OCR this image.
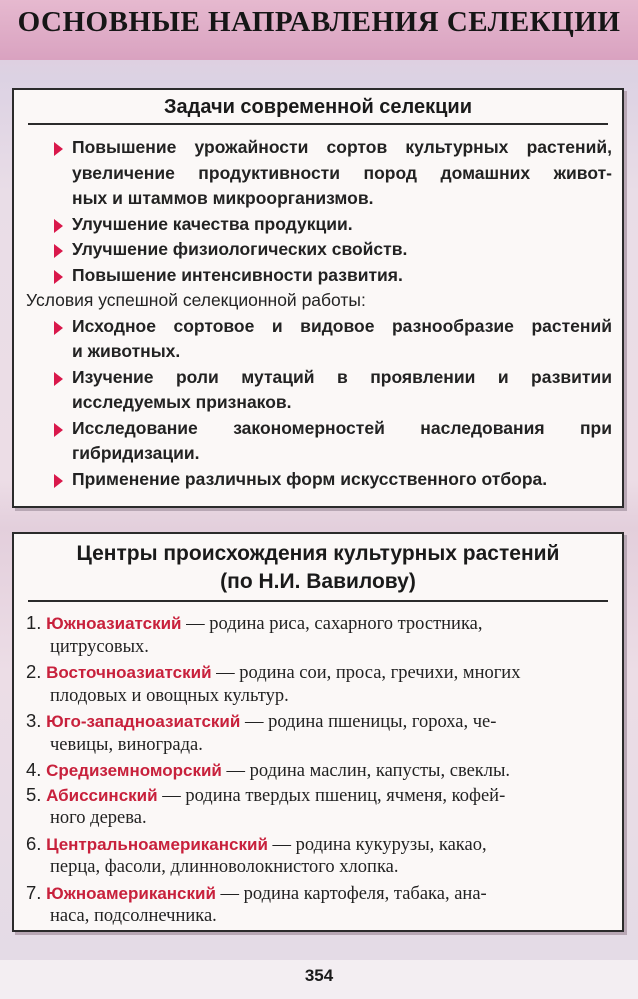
ОСНОВНЫЕ НАПРАВЛЕНИЯ СЕЛЕКЦИИ
Задачи современной селекции
Повышение урожайности сортов культурных растений,
увеличение продуктивности пород домашних живот-
ных и штаммов микроорганизмов.
Улучшение качества продукции.
Улучшение физиологических свойств.
Повышение интенсивности развития.
Условия успешной селекционной работы:
Исходное сортовое и видовое разнообразие растений
и животных.
Изучение роли мутаций в проявлении и развитии
исследуемых признаков.
Исследование закономерностей наследования при
гибридизации.
Применение различных форм искусственного отбора.
Центры происхождения культурных растений
(по Н.И. Вавилову)
1. Южноазиатский — родина риса, сахарного тростника,
цитрусовых.
2. Восточноазиатский — родина сои, проса, гречихи, многих
плодовых и овощных культур.
3. Юго-западноазиатский — родина пшеницы, гороха, че-
чевицы, винограда.
4. Средиземноморский — родина маслин, капусты, свеклы.
5. Абиссинский — родина твердых пшениц, ячменя, кофей-
ного дерева.
6. Центральноамериканский — родина кукурузы, какао,
перца, фасоли, длинноволокнистого хлопка.
7. Южноамериканский — родина картофеля, табака, ана-
наса, подсолнечника.
354
